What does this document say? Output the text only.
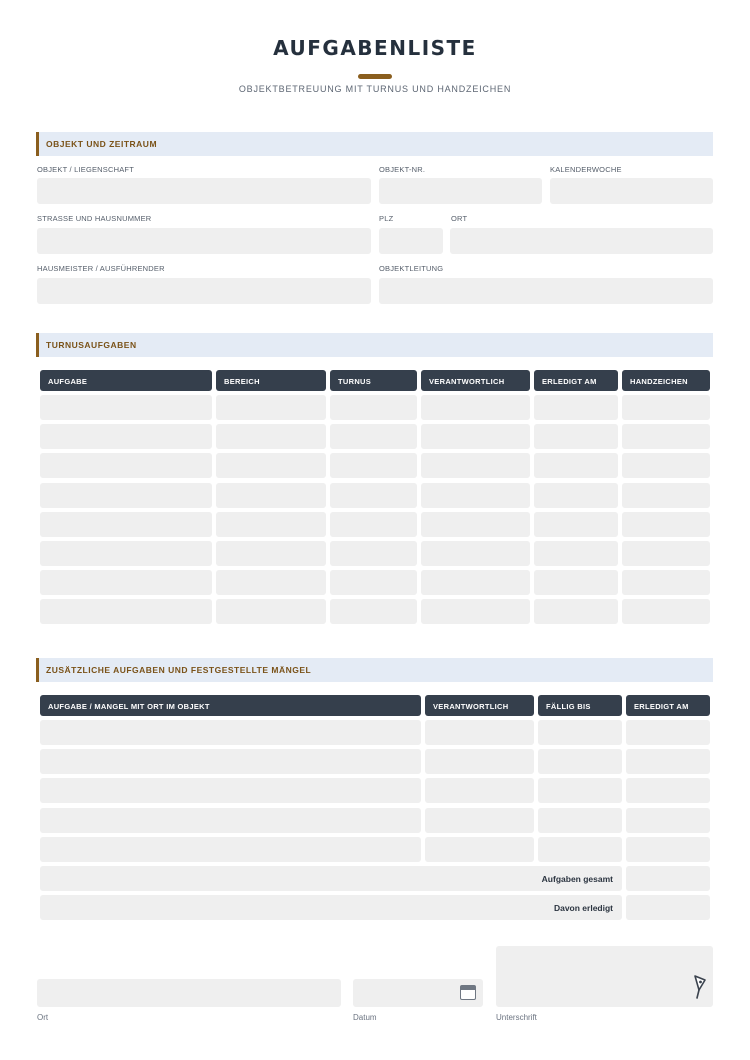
AUFGABENLISTE
OBJEKTBETREUUNG MIT TURNUS UND HANDZEICHEN
OBJEKT UND ZEITRAUM
OBJEKT / LIEGENSCHAFT	OBJEKT-NR.	KALENDERWOCHE
STRASSE UND HAUSNUMMER	PLZ	ORT
HAUSMEISTER / AUSFÜHRENDER	OBJEKTLEITUNG
TURNUSAUFGABEN
AUFGABE	BEREICH	TURNUS	VERANTWORTLICH	ERLEDIGT AM	HANDZEICHEN
ZUSÄTZLICHE AUFGABEN UND FESTGESTELLTE MÄNGEL
AUFGABE / MANGEL MIT ORT IM OBJEKT	VERANTWORTLICH	FÄLLIG BIS	ERLEDIGT AM
Aufgaben gesamt
Davon erledigt
Ort	Datum	Unterschrift
